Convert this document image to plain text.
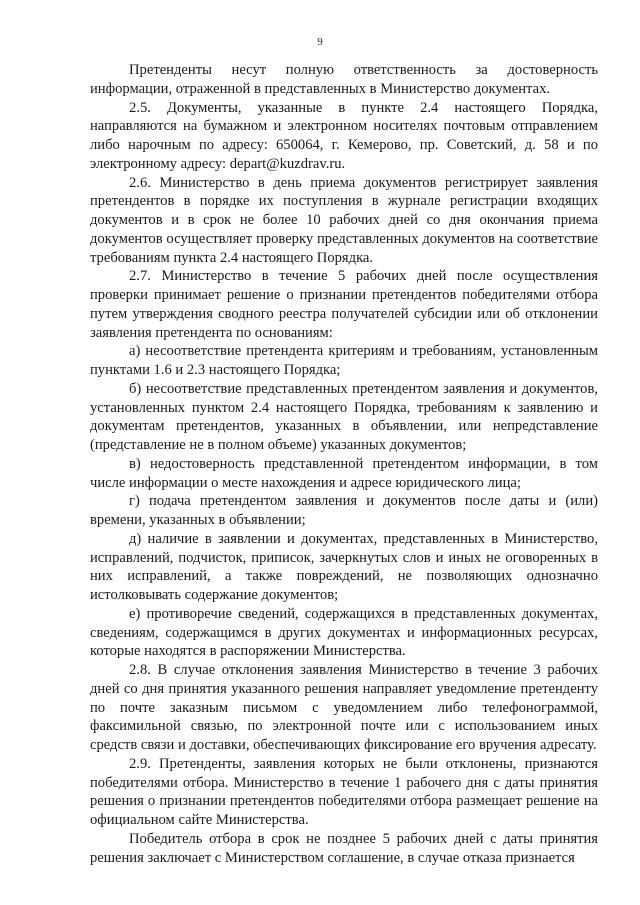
9

Претенденты несут полную ответственность за достоверность информации, отраженной в представленных в Министерство документах.

2.5. Документы, указанные в пункте 2.4 настоящего Порядка, направляются на бумажном и электронном носителях почтовым отправлением либо нарочным по адресу: 650064, г. Кемерово, пр. Советский, д. 58 и по электронному адресу: depart@kuzdrav.ru.

2.6. Министерство в день приема документов регистрирует заявления претендентов в порядке их поступления в журнале регистрации входящих документов и в срок не более 10 рабочих дней со дня окончания приема документов осуществляет проверку представленных документов на соответствие требованиям пункта 2.4 настоящего Порядка.

2.7. Министерство в течение 5 рабочих дней после осуществления проверки принимает решение о признании претендентов победителями отбора путем утверждения сводного реестра получателей субсидии или об отклонении заявления претендента по основаниям:

а) несоответствие претендента критериям и требованиям, установленным пунктами 1.6 и 2.3 настоящего Порядка;

б) несоответствие представленных претендентом заявления и документов, установленных пунктом 2.4 настоящего Порядка, требованиям к заявлению и документам претендентов, указанных в объявлении, или непредставление (представление не в полном объеме) указанных документов;

в) недостоверность представленной претендентом информации, в том числе информации о месте нахождения и адресе юридического лица;

г) подача претендентом заявления и документов после даты и (или) времени, указанных в объявлении;

д) наличие в заявлении и документах, представленных в Министерство, исправлений, подчисток, приписок, зачеркнутых слов и иных не оговоренных в них исправлений, а также повреждений, не позволяющих однозначно истолковывать содержание документов;

е) противоречие сведений, содержащихся в представленных документах, сведениям, содержащимся в других документах и информационных ресурсах, которые находятся в распоряжении Министерства.

2.8. В случае отклонения заявления Министерство в течение 3 рабочих дней со дня принятия указанного решения направляет уведомление претенденту по почте заказным письмом с уведомлением либо телефонограммой, факсимильной связью, по электронной почте или с использованием иных средств связи и доставки, обеспечивающих фиксирование его вручения адресату.

2.9. Претенденты, заявления которых не были отклонены, признаются победителями отбора. Министерство в течение 1 рабочего дня с даты принятия решения о признании претендентов победителями отбора размещает решение на официальном сайте Министерства.

Победитель отбора в срок не позднее 5 рабочих дней с даты принятия решения заключает с Министерством соглашение, в случае отказа признается
